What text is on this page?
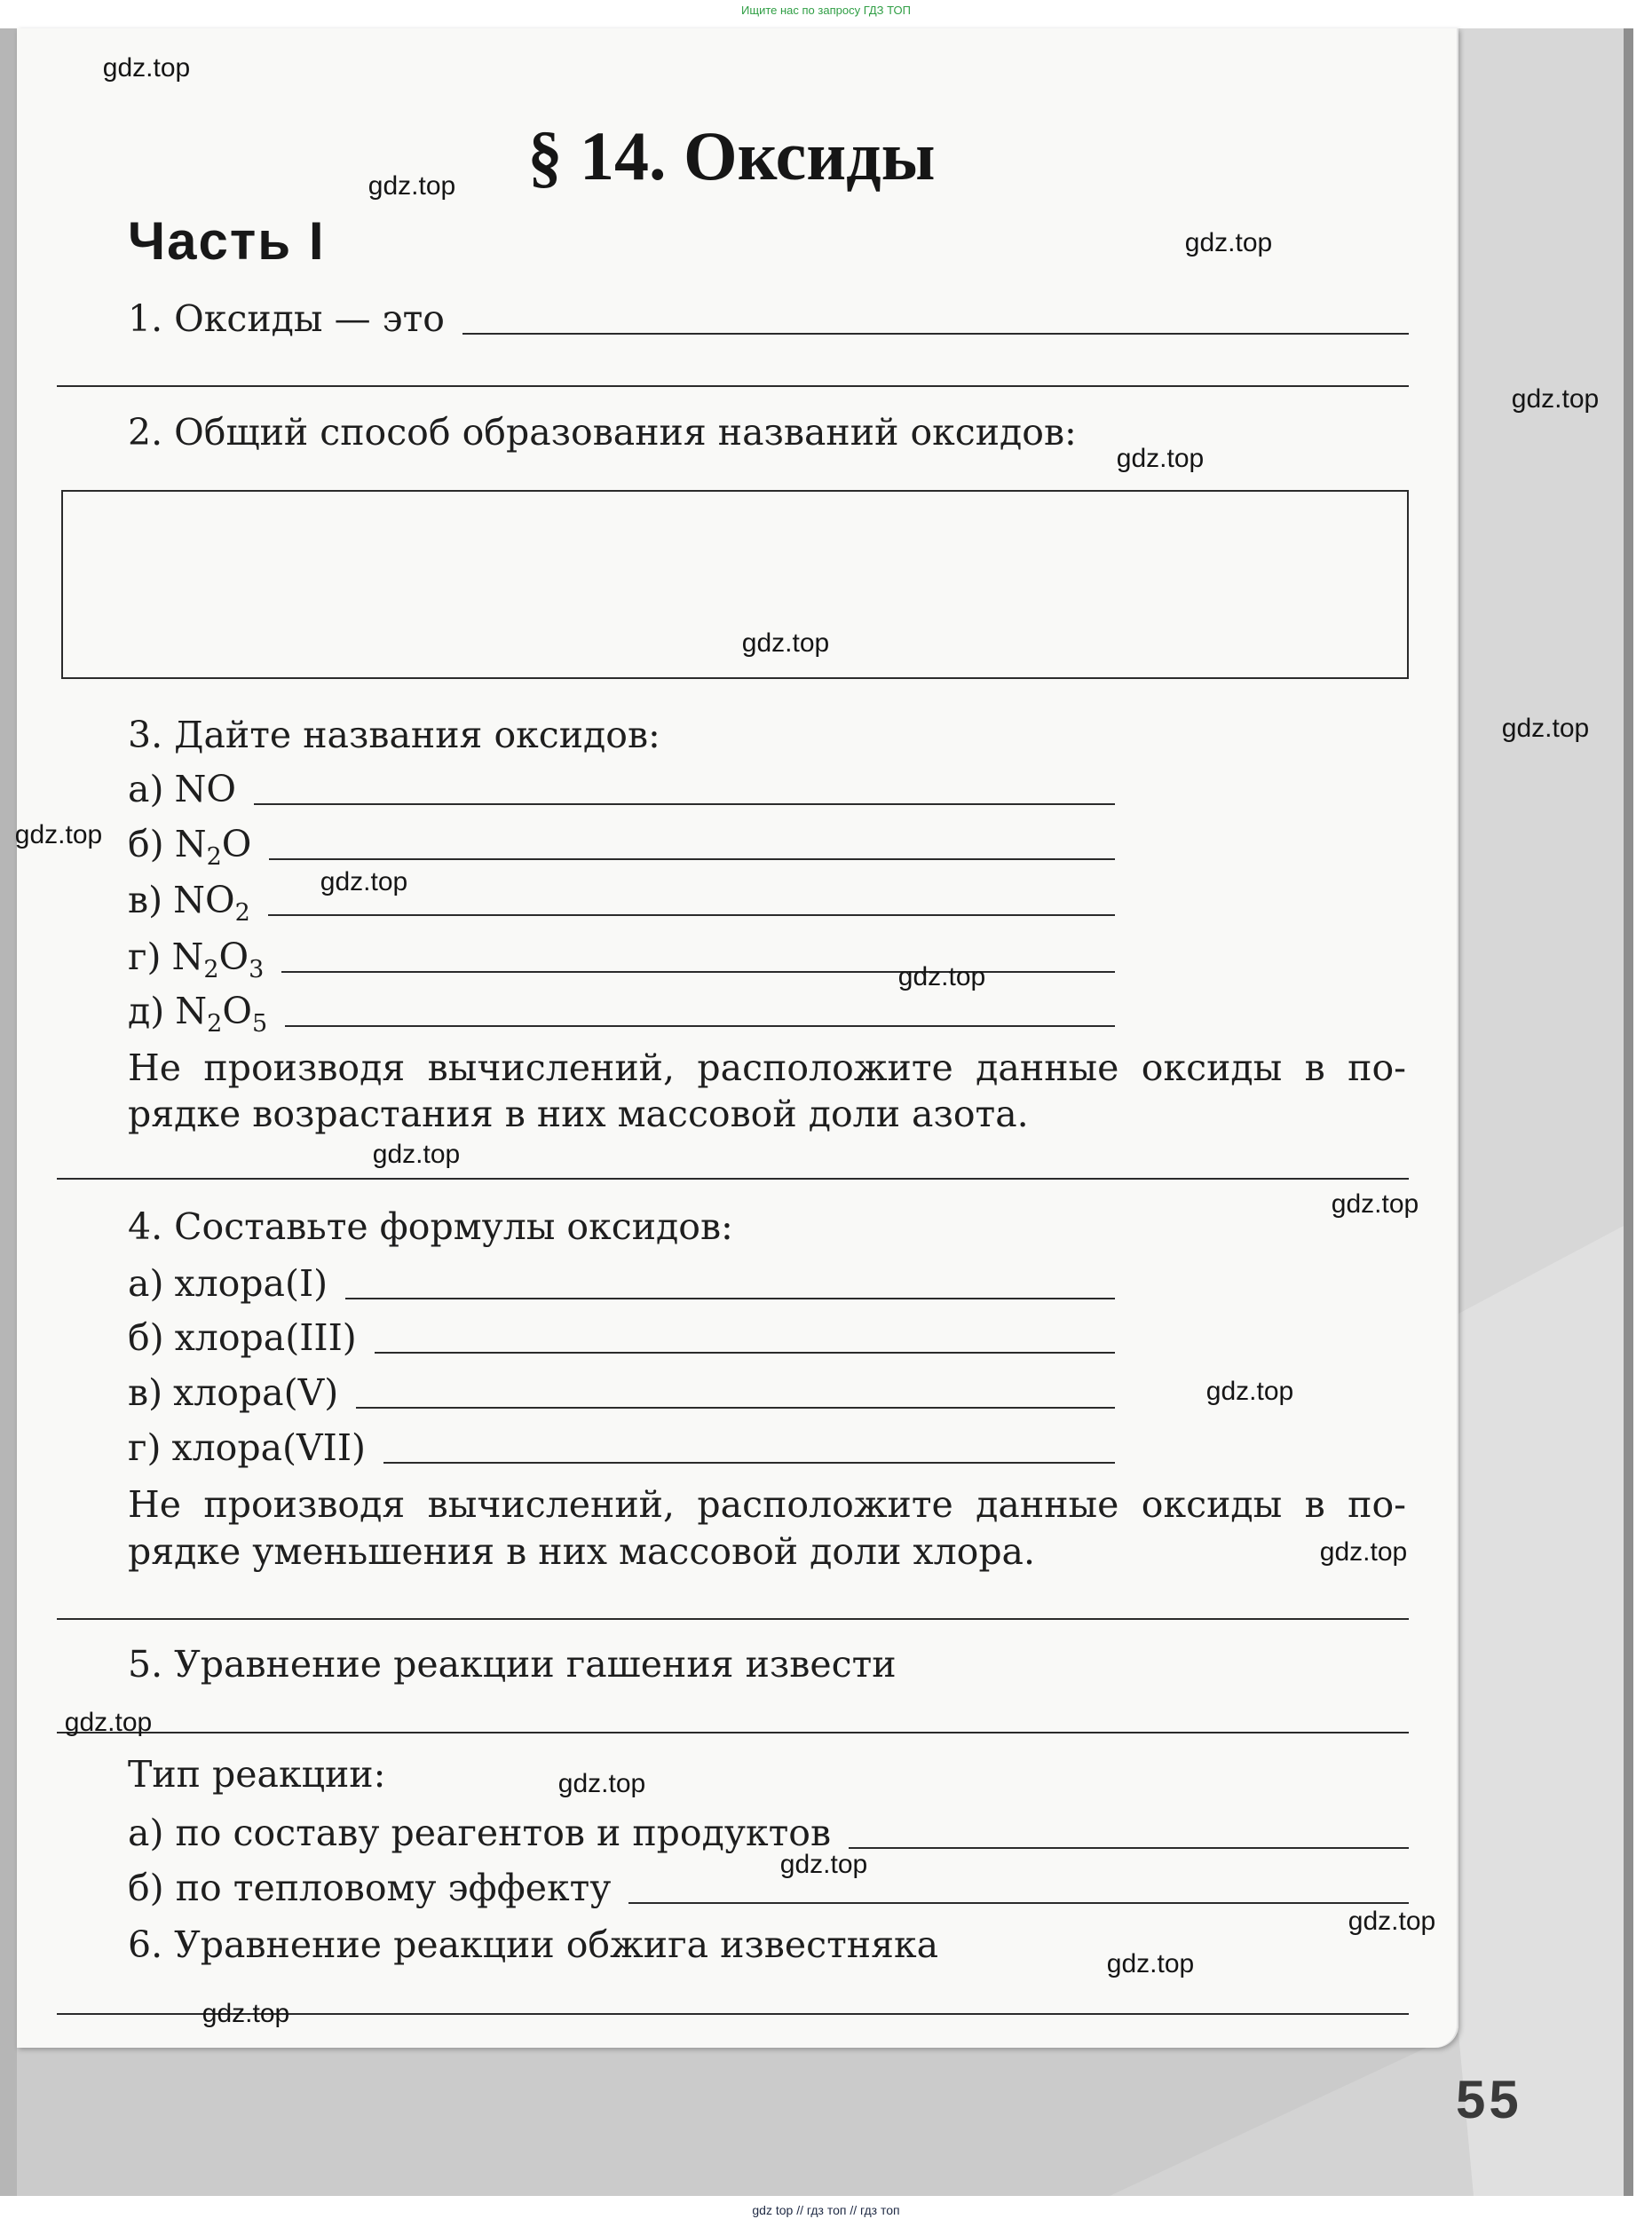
Ищите нас по запросу ГДЗ ТОП
§ 14. Оксиды
Часть I
1. Оксиды — это
2. Общий способ образования названий оксидов:
3. Дайте названия оксидов:
а) NO
б) $N_2O$
в) $NO_2$
г) $N_2O_3$
д) $N_2O_5$
Не производя вычислений, расположите данные оксиды в по-
рядке возрастания в них массовой доли азота.
4. Составьте формулы оксидов:
а) хлора(I)
б) хлора(III)
в) хлора(V)
г) хлора(VII)
Не производя вычислений, расположите данные оксиды в по-
рядке уменьшения в них массовой доли хлора.
5. Уравнение реакции гашения извести
Тип реакции:
а) по составу реагентов и продуктов
б) по тепловому эффекту
6. Уравнение реакции обжига известняка
55
gdz top // гдз топ // гдз топ
gdz.top
gdz.top
gdz.top
gdz.top
gdz.top
gdz.top
gdz.top
gdz.top
gdz.top
gdz.top
gdz.top
gdz.top
gdz.top
gdz.top
gdz.top
gdz.top
gdz.top
gdz.top
gdz.top
gdz.top
